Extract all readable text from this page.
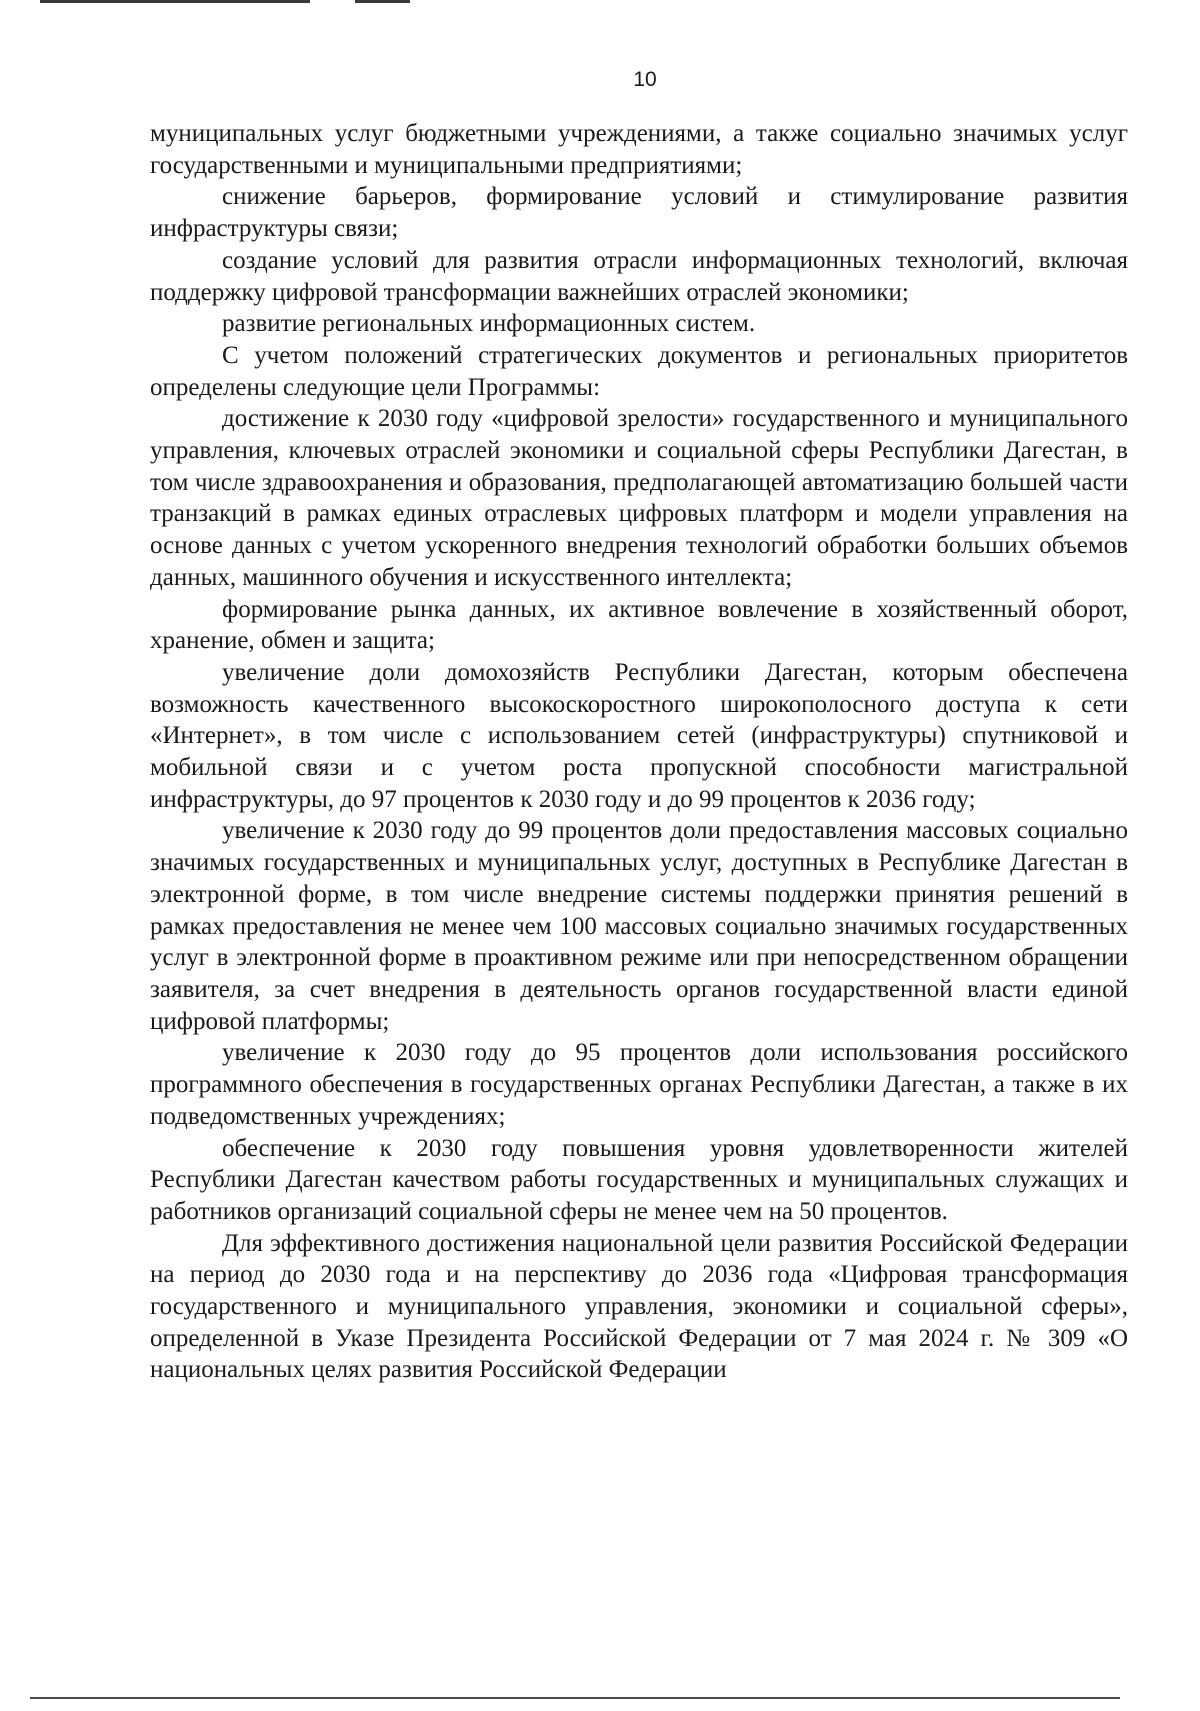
10

муниципальных услуг бюджетными учреждениями, а также социально значимых услуг государственными и муниципальными предприятиями;

снижение барьеров, формирование условий и стимулирование развития инфраструктуры связи;

создание условий для развития отрасли информационных технологий, включая поддержку цифровой трансформации важнейших отраслей экономики;

развитие региональных информационных систем.

С учетом положений стратегических документов и региональных приоритетов определены следующие цели Программы:

достижение к 2030 году «цифровой зрелости» государственного и муниципального управления, ключевых отраслей экономики и социальной сферы Республики Дагестан, в том числе здравоохранения и образования, предполагающей автоматизацию большей части транзакций в рамках единых отраслевых цифровых платформ и модели управления на основе данных с учетом ускоренного внедрения технологий обработки больших объемов данных, машинного обучения и искусственного интеллекта;

формирование рынка данных, их активное вовлечение в хозяйственный оборот, хранение, обмен и защита;

увеличение доли домохозяйств Республики Дагестан, которым обеспечена возможность качественного высокоскоростного широкополосного доступа к сети «Интернет», в том числе с использованием сетей (инфраструктуры) спутниковой и мобильной связи и с учетом роста пропускной способности магистральной инфраструктуры, до 97 процентов к 2030 году и до 99 процентов к 2036 году;

увеличение к 2030 году до 99 процентов доли предоставления массовых социально значимых государственных и муниципальных услуг, доступных в Республике Дагестан в электронной форме, в том числе внедрение системы поддержки принятия решений в рамках предоставления не менее чем 100 массовых социально значимых государственных услуг в электронной форме в проактивном режиме или при непосредственном обращении заявителя, за счет внедрения в деятельность органов государственной власти единой цифровой платформы;

увеличение к 2030 году до 95 процентов доли использования российского программного обеспечения в государственных органах Республики Дагестан, а также в их подведомственных учреждениях;

обеспечение к 2030 году повышения уровня удовлетворенности жителей Республики Дагестан качеством работы государственных и муниципальных служащих и работников организаций социальной сферы не менее чем на 50 процентов.

Для эффективного достижения национальной цели развития Российской Федерации на период до 2030 года и на перспективу до 2036 года «Цифровая трансформация государственного и муниципального управления, экономики и социальной сферы», определенной в Указе Президента Российской Федерации от 7 мая 2024 г. № 309 «О национальных целях развития Российской Федерации
